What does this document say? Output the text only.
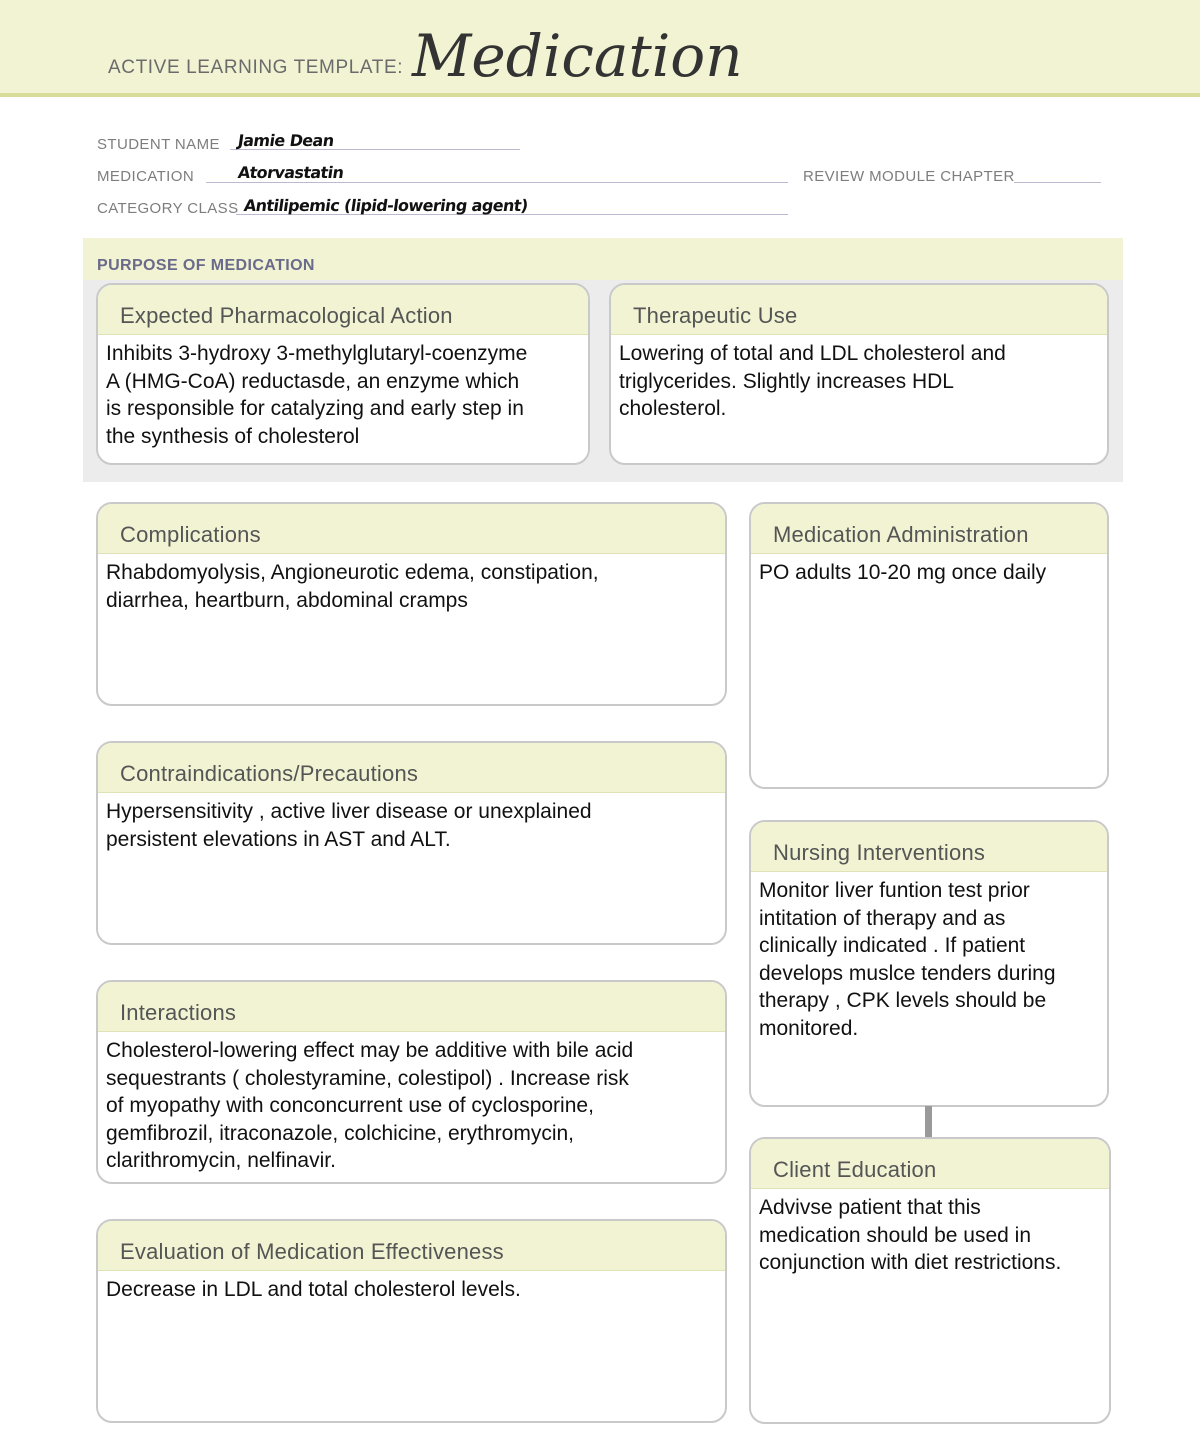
ACTIVE LEARNING TEMPLATE: Medication
STUDENT NAME Jamie Dean
MEDICATION	Atorvastatin	REVIEW MODULE CHAPTER
CATEGORY CLASS Antilipemic (lipid-lowering agent)
PURPOSE OF MEDICATION
Expected Pharmacological Action
Inhibits 3-hydroxy 3-methylglutaryl-coenzyme
A (HMG-CoA) reductasde, an enzyme which
is responsible for catalyzing and early step in
the synthesis of cholesterol
Therapeutic Use
Lowering of total and LDL cholesterol and
triglycerides. Slightly increases HDL
cholesterol.
Complications
Rhabdomyolysis, Angioneurotic edema, constipation,
diarrhea, heartburn, abdominal cramps
Contraindications/Precautions
Hypersensitivity , active liver disease or unexplained
persistent elevations in AST and ALT.
Interactions
Cholesterol-lowering effect may be additive with bile acid
sequestrants ( cholestyramine, colestipol) . Increase risk
of myopathy with conconcurrent use of cyclosporine,
gemfibrozil, itraconazole, colchicine, erythromycin,
clarithromycin, nelfinavir.
Evaluation of Medication Effectiveness
Decrease in LDL and total cholesterol levels.
Medication Administration
PO adults 10-20 mg once daily
Nursing Interventions
Monitor liver funtion test prior
intitation of therapy and as
clinically indicated . If patient
develops muslce tenders during
therapy , CPK levels should be
monitored.
Client Education
Advivse patient that this
medication should be used in
conjunction with diet restrictions.
